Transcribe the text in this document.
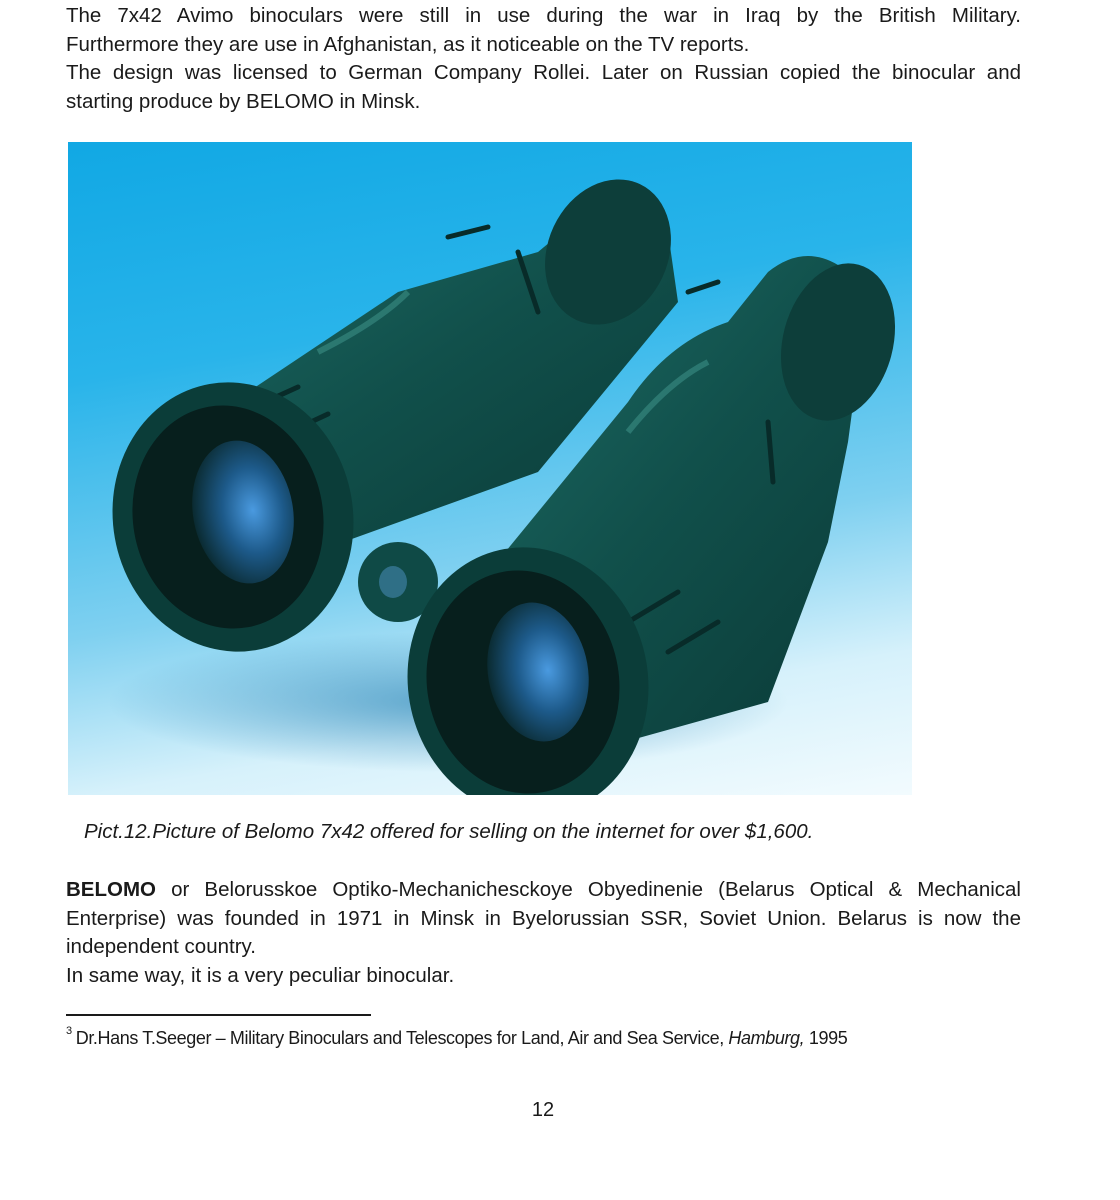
The 7x42 Avimo binoculars were still in use during the war in Iraq by the British Military.
Furthermore they are use in Afghanistan, as it noticeable on the TV reports.
The design was licensed to German Company Rollei. Later on Russian copied the binocular and
starting produce by BELOMO in Minsk.

Pict.12.Picture of Belomo 7x42 offered for selling on the internet for over $1,600.

BELOMO or Belorusskoe Optiko-Mechanichesckoye Obyedinenie (Belarus Optical & Mechanical
Enterprise) was founded in 1971 in Minsk in Byelorussian SSR, Soviet Union. Belarus is now the
independent country.
In same way, it is a very peculiar binocular.

$^3$ Dr.Hans T.Seeger – Military Binoculars and Telescopes for Land, Air and Sea Service, Hamburg, 1995
12
